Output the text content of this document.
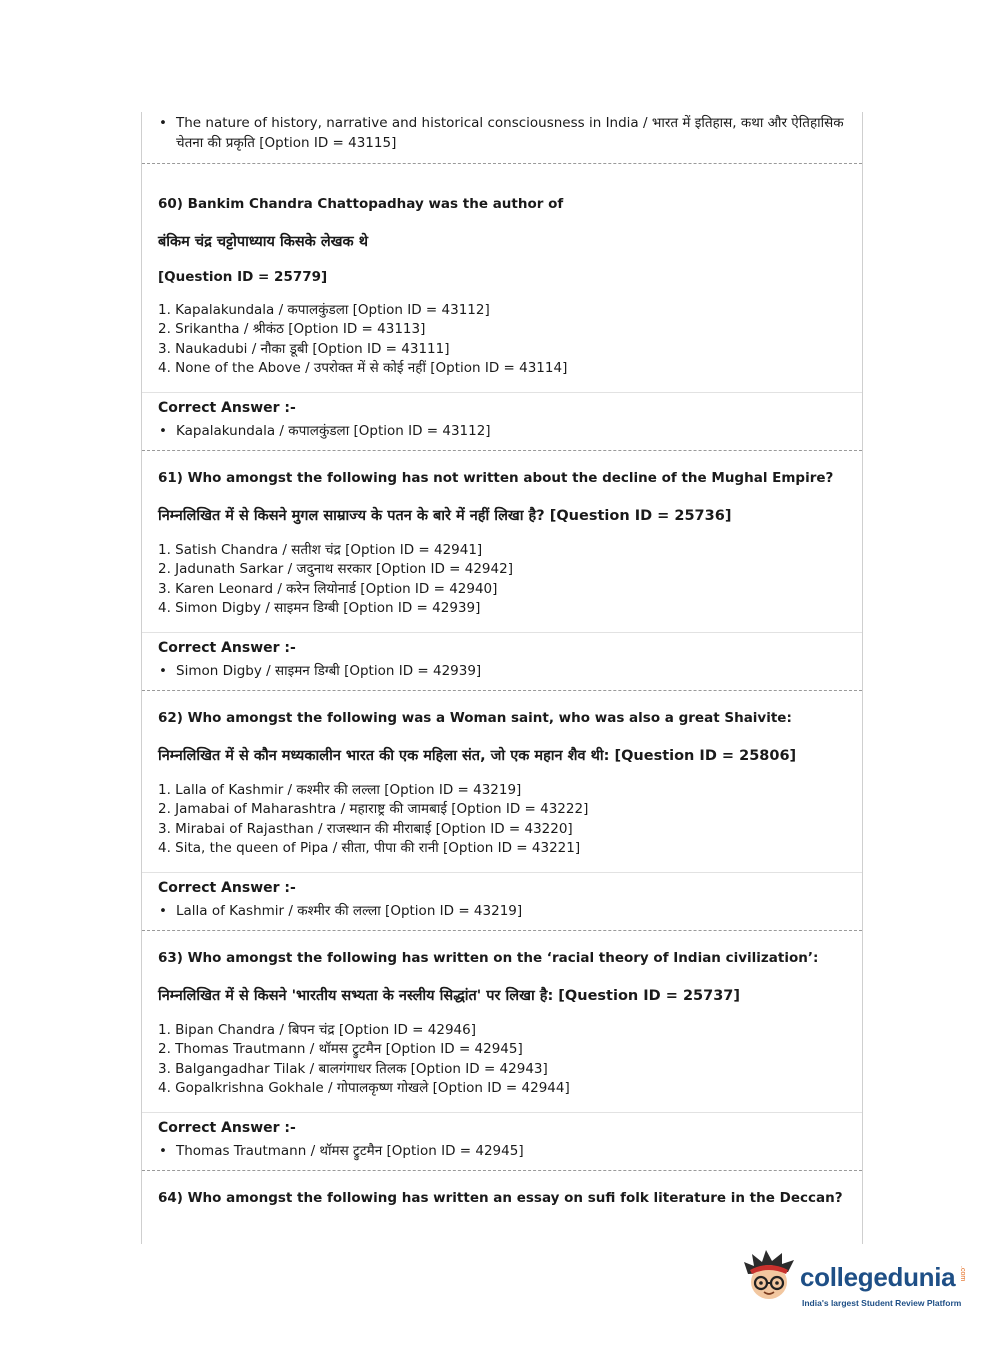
• The nature of history, narrative and historical consciousness in India / भारत में इतिहास, कथा और ऐतिहासिक चेतना की प्रकृति [Option ID = 43115]
60) Bankim Chandra Chattopadhay was the author of
बंकिम चंद्र चट्टोपाध्याय किसके लेखक थे
[Question ID = 25779]
1. Kapalakundala / कपालकुंडला [Option ID = 43112]
2. Srikantha / श्रीकंठ [Option ID = 43113]
3. Naukadubi / नौका डूबी [Option ID = 43111]
4. None of the Above / उपरोक्त में से कोई नहीं [Option ID = 43114]
Correct Answer :-
• Kapalakundala / कपालकुंडला [Option ID = 43112]
61) Who amongst the following has not written about the decline of the Mughal Empire?
निम्नलिखित में से किसने मुगल साम्राज्य के पतन के बारे में नहीं लिखा है? [Question ID = 25736]
1. Satish Chandra / सतीश चंद्र [Option ID = 42941]
2. Jadunath Sarkar / जदुनाथ सरकार [Option ID = 42942]
3. Karen Leonard / करेन लियोनार्ड [Option ID = 42940]
4. Simon Digby / साइमन डिग्बी [Option ID = 42939]
Correct Answer :-
• Simon Digby / साइमन डिग्बी [Option ID = 42939]
62) Who amongst the following was a Woman saint, who was also a great Shaivite:
निम्नलिखित में से कौन मध्यकालीन भारत की एक महिला संत, जो एक महान शैव थी: [Question ID = 25806]
1. Lalla of Kashmir / कश्मीर की लल्ला [Option ID = 43219]
2. Jamabai of Maharashtra / महाराष्ट्र की जामबाई [Option ID = 43222]
3. Mirabai of Rajasthan / राजस्थान की मीराबाई [Option ID = 43220]
4. Sita, the queen of Pipa / सीता, पीपा की रानी [Option ID = 43221]
Correct Answer :-
• Lalla of Kashmir / कश्मीर की लल्ला [Option ID = 43219]
63) Who amongst the following has written on the ‘racial theory of Indian civilization’:
निम्नलिखित में से किसने 'भारतीय सभ्यता के नस्लीय सिद्धांत' पर लिखा है: [Question ID = 25737]
1. Bipan Chandra / बिपन चंद्र [Option ID = 42946]
2. Thomas Trautmann / थॉमस ट्रुटमैन [Option ID = 42945]
3. Balgangadhar Tilak / बालगंगाधर तिलक [Option ID = 42943]
4. Gopalkrishna Gokhale / गोपालकृष्ण गोखले [Option ID = 42944]
Correct Answer :-
• Thomas Trautmann / थॉमस ट्रुटमैन [Option ID = 42945]
64) Who amongst the following has written an essay on sufi folk literature in the Deccan?
collegedunia .com
India's largest Student Review Platform
